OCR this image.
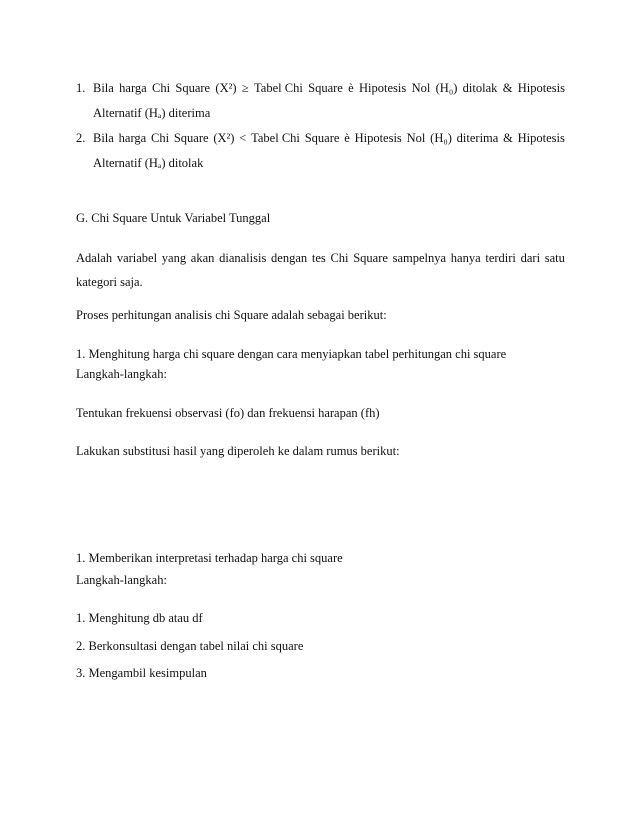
1. Bila harga Chi Square (X²) ≥ Tabel Chi Square è Hipotesis Nol (H₀) ditolak & Hipotesis
Alternatif (Hₐ) diterima
2. Bila harga Chi Square (X²) < Tabel Chi Square è Hipotesis Nol (H₀) diterima & Hipotesis
Alternatif (Hₐ) ditolak
G. Chi Square Untuk Variabel Tunggal
Adalah variabel yang akan dianalisis dengan tes Chi Square sampelnya hanya terdiri dari satu
kategori saja.
Proses perhitungan analisis chi Square adalah sebagai berikut:
1. Menghitung harga chi square dengan cara menyiapkan tabel perhitungan chi square
Langkah-langkah:
Tentukan frekuensi observasi (fo) dan frekuensi harapan (fh)
Lakukan substitusi hasil yang diperoleh ke dalam rumus berikut:
1. Memberikan interpretasi terhadap harga chi square
Langkah-langkah:
1. Menghitung db atau df
2. Berkonsultasi dengan tabel nilai chi square
3. Mengambil kesimpulan
